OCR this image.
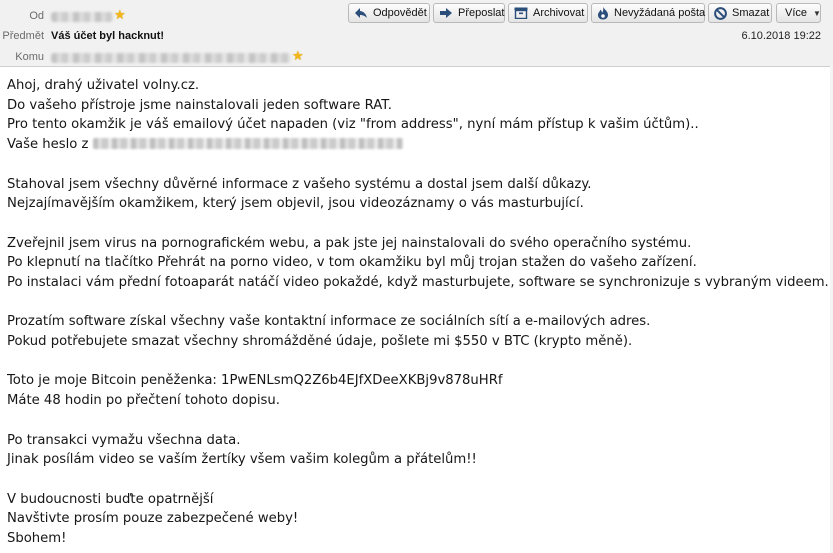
Od	★
Předmět Váš účet byl hacknut!	6.10.2018 19:22
Komu	★
Odpovědět	Přeposlat	Archivovat	Nevyžádaná pošta Smazat Více ▼

Ahoj, drahý uživatel volny.cz.

Do vašeho přístroje jsme nainstalovali jeden software RAT.

Pro tento okamžik je váš emailový účet napaden (viz "from address", nyní mám přístup k vašim účtům)..

Vaše heslo z

Stahoval jsem všechny důvěrné informace z vašeho systému a dostal jsem další důkazy.

Nejzajímavějším okamžikem, který jsem objevil, jsou videozáznamy o vás masturbující.

Zveřejnil jsem virus na pornografickém webu, a pak jste jej nainstalovali do svého operačního systému.

Po klepnutí na tlačítko Přehrát na porno video, v tom okamžiku byl můj trojan stažen do vašeho zařízení.

Po instalaci vám přední fotoaparát natáčí video pokaždé, když masturbujete, software se synchronizuje s vybraným videem.

Prozatím software získal všechny vaše kontaktní informace ze sociálních sítí a e-mailových adres.

Pokud potřebujete smazat všechny shromážděné údaje, pošlete mi $550 v BTC (krypto měně).

Toto je moje Bitcoin peněženka: 1PwENLsmQ2Z6b4EJfXDeeXKBj9v878uHRf

Máte 48 hodin po přečtení tohoto dopisu.

Po transakci vymažu všechna data.

Jinak posílám video se vaším žertíky všem vašim kolegům a přátelům!!

V budoucnosti buďte opatrnější

Navštivte prosím pouze zabezpečené weby!

Sbohem!
